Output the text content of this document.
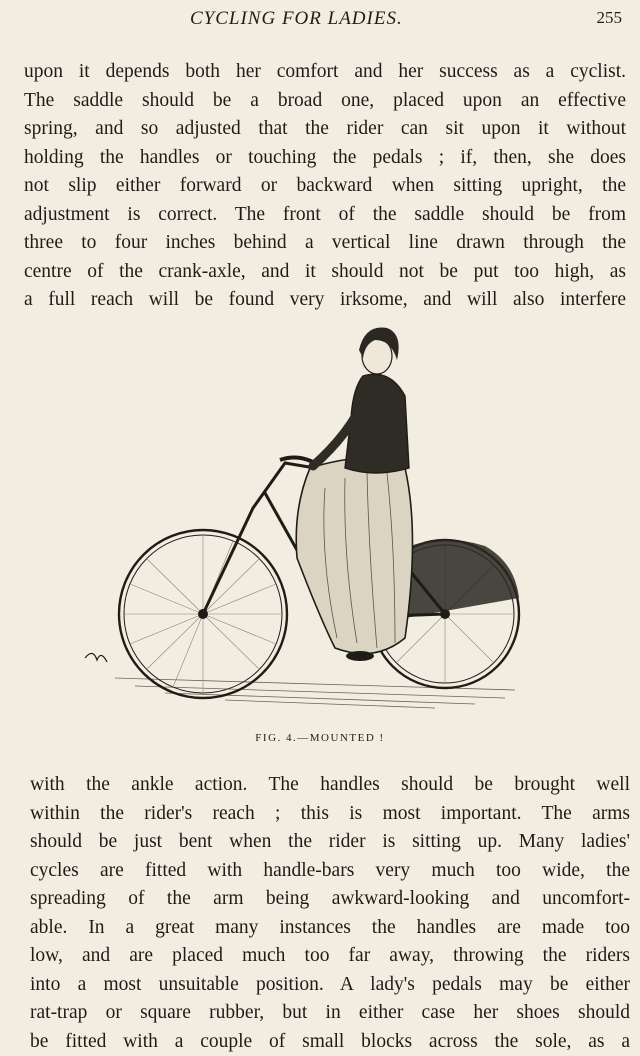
CYCLING FOR LADIES.	255
upon it depends both her comfort and her success as a cyclist.
The saddle should be a broad one, placed upon an effective
spring, and so adjusted that the rider can sit upon it without
holding the handles or touching the pedals ; if, then, she does
not slip either forward or backward when sitting upright, the
adjustment is correct. The front of the saddle should be from
three to four inches behind a vertical line drawn through the
centre of the crank-axle, and it should not be put too high, as
a full reach will be found very irksome, and will also interfere
FIG. 4.—MOUNTED !
with the ankle action. The handles should be brought well
within the rider's reach ; this is most important. The arms
should be just bent when the rider is sitting up. Many ladies'
cycles are fitted with handle-bars very much too wide, the
spreading of the arm being awkward-looking and uncomfort-
able. In a great many instances the handles are made too
low, and are placed much too far away, throwing the riders
into a most unsuitable position. A lady's pedals may be either
rat-trap or square rubber, but in either case her shoes should
be fitted with a couple of small blocks across the sole, as a
